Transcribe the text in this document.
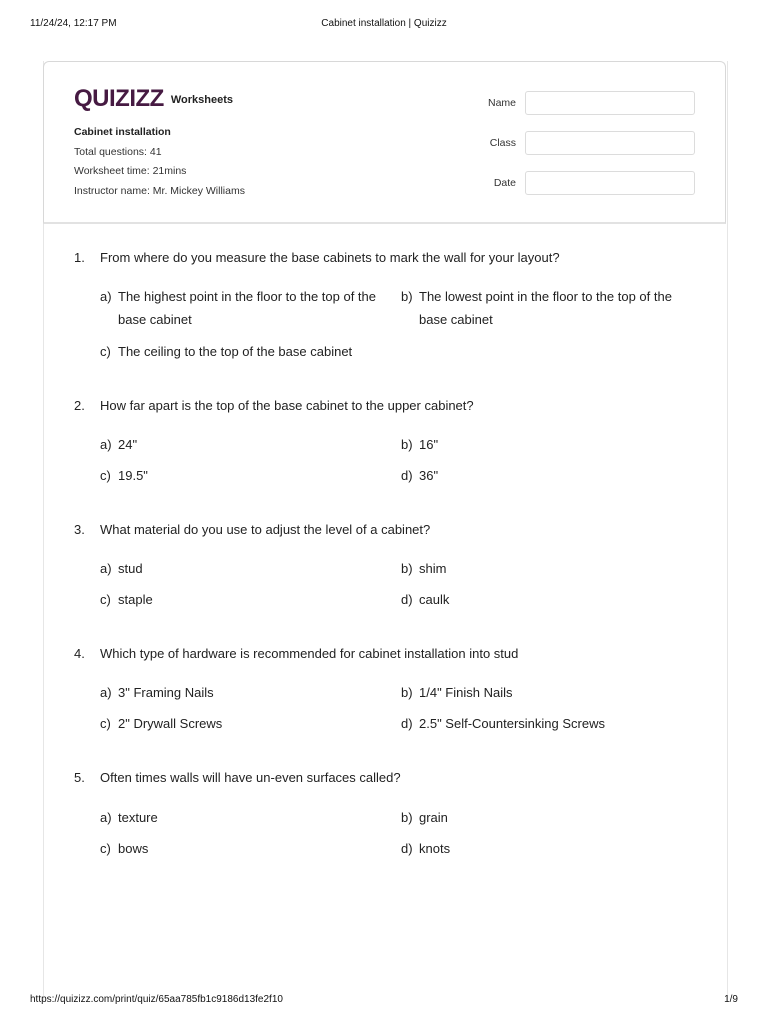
11/24/24, 12:17 PM	Cabinet installation | Quizizz
QUIZIZZ Worksheets
Cabinet installation
Total questions: 41
Worksheet time: 21mins
Instructor name: Mr. Mickey Williams
Name
Class
Date
1. From where do you measure the base cabinets to mark the wall for your layout?
a) The highest point in the floor to the top of the base cabinet
b) The lowest point in the floor to the top of the base cabinet
c) The ceiling to the top of the base cabinet
2. How far apart is the top of the base cabinet to the upper cabinet?
a) 24"	b) 16"
c) 19.5"	d) 36"
3. What material do you use to adjust the level of a cabinet?
a) stud	b) shim
c) staple	d) caulk
4. Which type of hardware is recommended for cabinet installation into stud
a) 3" Framing Nails	b) 1/4" Finish Nails
c) 2" Drywall Screws	d) 2.5" Self-Countersinking Screws
5. Often times walls will have un-even surfaces called?
a) texture	b) grain
c) bows	d) knots
https://quizizz.com/print/quiz/65aa785fb1c9186d13fe2f10	1/9
